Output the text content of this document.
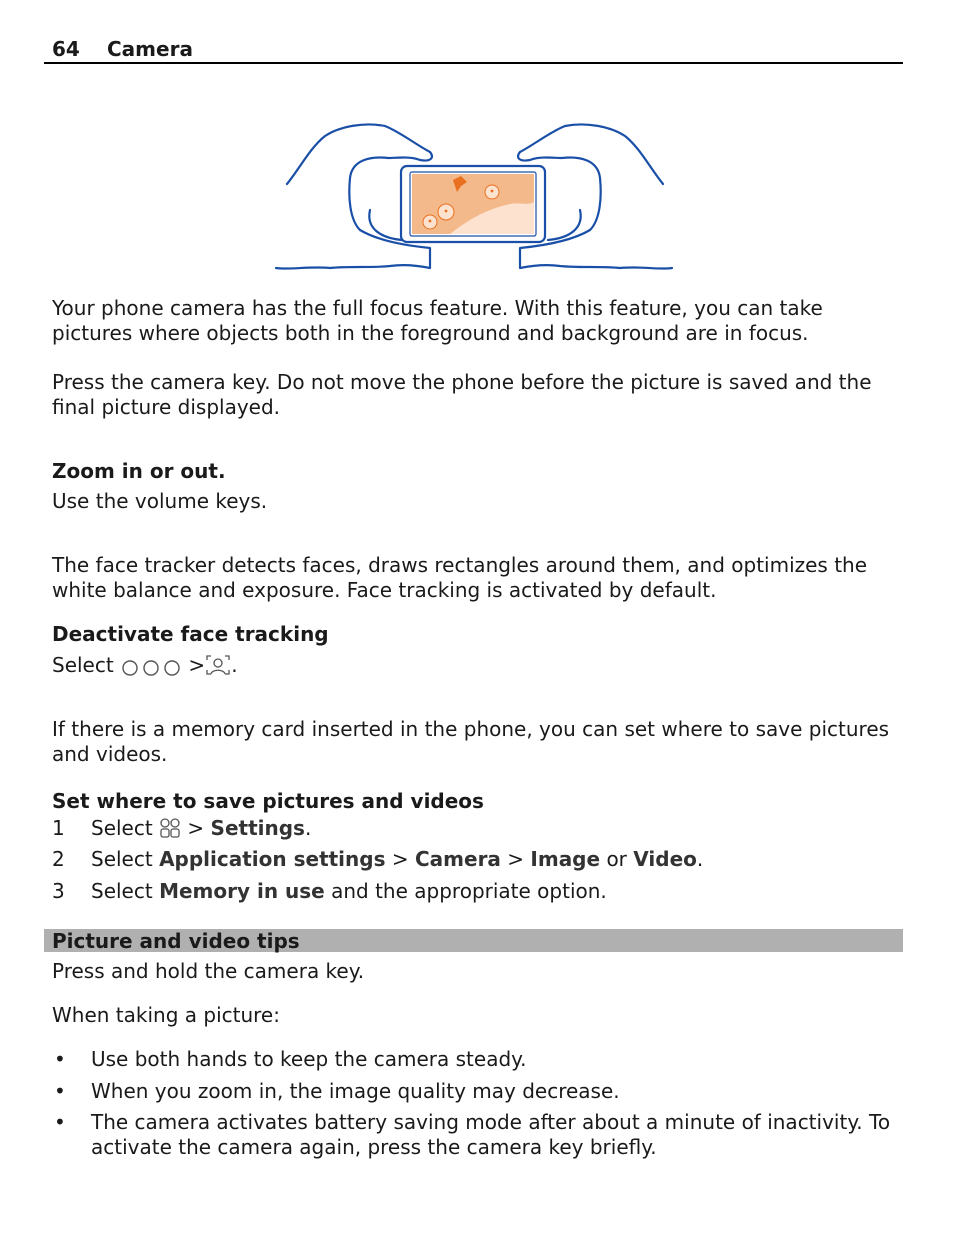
64 Camera
Your phone camera has the full focus feature. With this feature, you can take pictures where objects both in the foreground and background are in focus.
Press the camera key. Do not move the phone before the picture is saved and the final picture displayed.
Zoom in or out.
Use the volume keys.
The face tracker detects faces, draws rectangles around them, and optimizes the white balance and exposure. Face tracking is activated by default.
Deactivate face tracking
Select	> .
If there is a memory card inserted in the phone, you can set where to save pictures and videos.
Set where to save pictures and videos
1 Select > Settings.
2 Select Application settings > Camera > Image or Video.
3 Select Memory in use and the appropriate option.
Picture and video tips
Press and hold the camera key.
When taking a picture:
• Use both hands to keep the camera steady.
• When you zoom in, the image quality may decrease.
• The camera activates battery saving mode after about a minute of inactivity. To activate the camera again, press the camera key briefly.
